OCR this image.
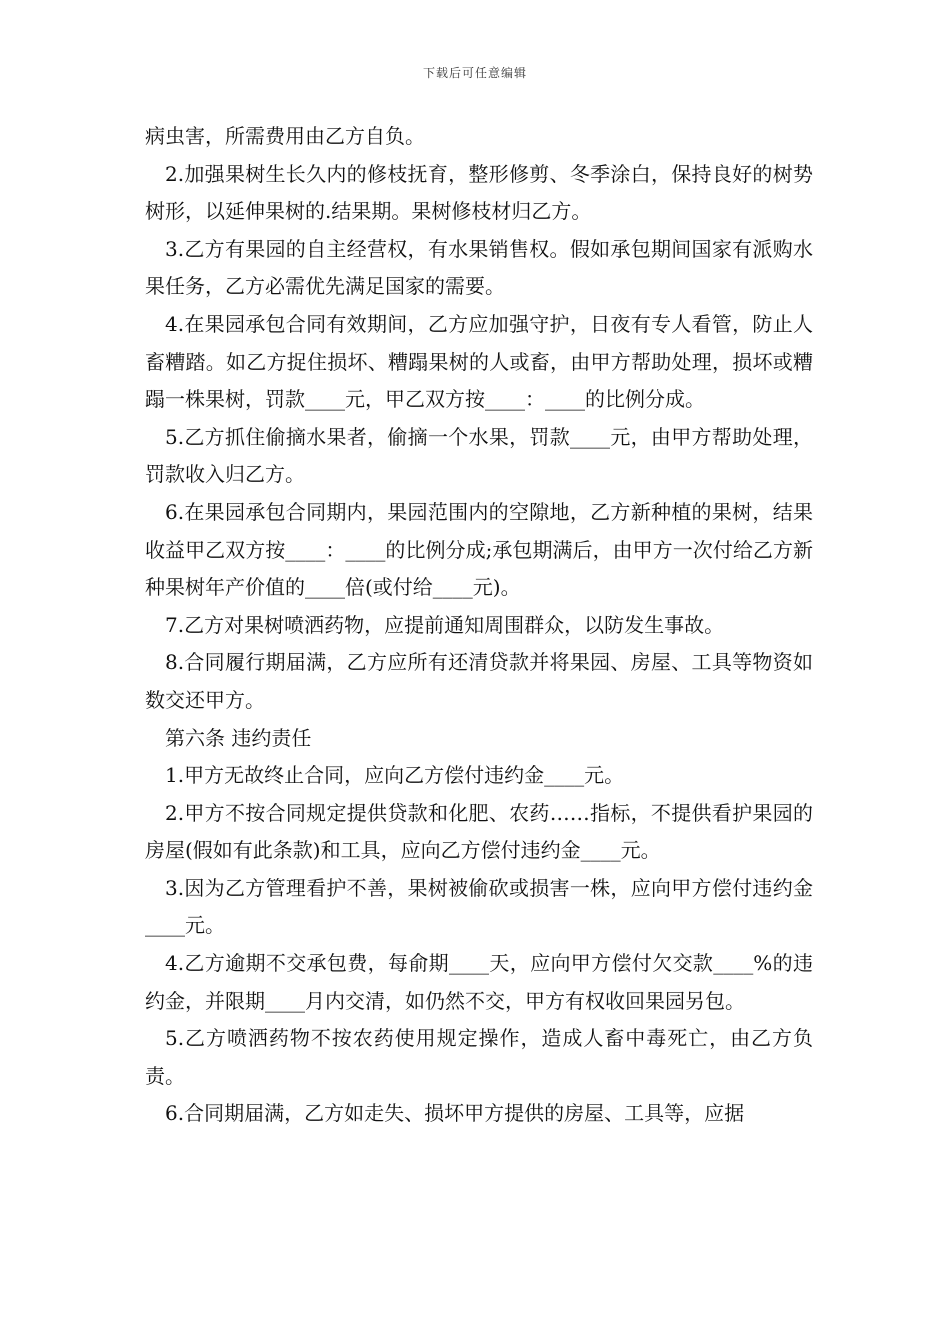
下载后可任意编辑

病虫害，所需费用由乙方自负。

2.加强果树生长久内的修枝抚育，整形修剪、冬季涂白，保持良好的树势树形，以延伸果树的.结果期。果树修枝材归乙方。

3.乙方有果园的自主经营权，有水果销售权。假如承包期间国家有派购水果任务，乙方必需优先满足国家的需要。

4.在果园承包合同有效期间，乙方应加强守护，日夜有专人看管，防止人畜糟踏。如乙方捉住损坏、糟蹋果树的人或畜，由甲方帮助处理，损坏或糟蹋一株果树，罚款____元，甲乙双方按____：____的比例分成。

5.乙方抓住偷摘水果者，偷摘一个水果，罚款____元，由甲方帮助处理，罚款收入归乙方。

6.在果园承包合同期内，果园范围内的空隙地，乙方新种植的果树，结果收益甲乙双方按____：____的比例分成;承包期满后，由甲方一次付给乙方新种果树年产价值的____倍(或付给____元)。

7.乙方对果树喷洒药物，应提前通知周围群众，以防发生事故。

8.合同履行期届满，乙方应所有还清贷款并将果园、房屋、工具等物资如数交还甲方。

第六条 违约责任

1.甲方无故终止合同，应向乙方偿付违约金____元。

2.甲方不按合同规定提供贷款和化肥、农药……指标，不提供看护果园的房屋(假如有此条款)和工具，应向乙方偿付违约金____元。

3.因为乙方管理看护不善，果树被偷砍或损害一株，应向甲方偿付违约金____元。

4.乙方逾期不交承包费，每俞期____天，应向甲方偿付欠交款____%的违约金，并限期____月内交清，如仍然不交，甲方有权收回果园另包。

5.乙方喷洒药物不按农药使用规定操作，造成人畜中毒死亡，由乙方负责。

6.合同期届满，乙方如走失、损坏甲方提供的房屋、工具等，应据
